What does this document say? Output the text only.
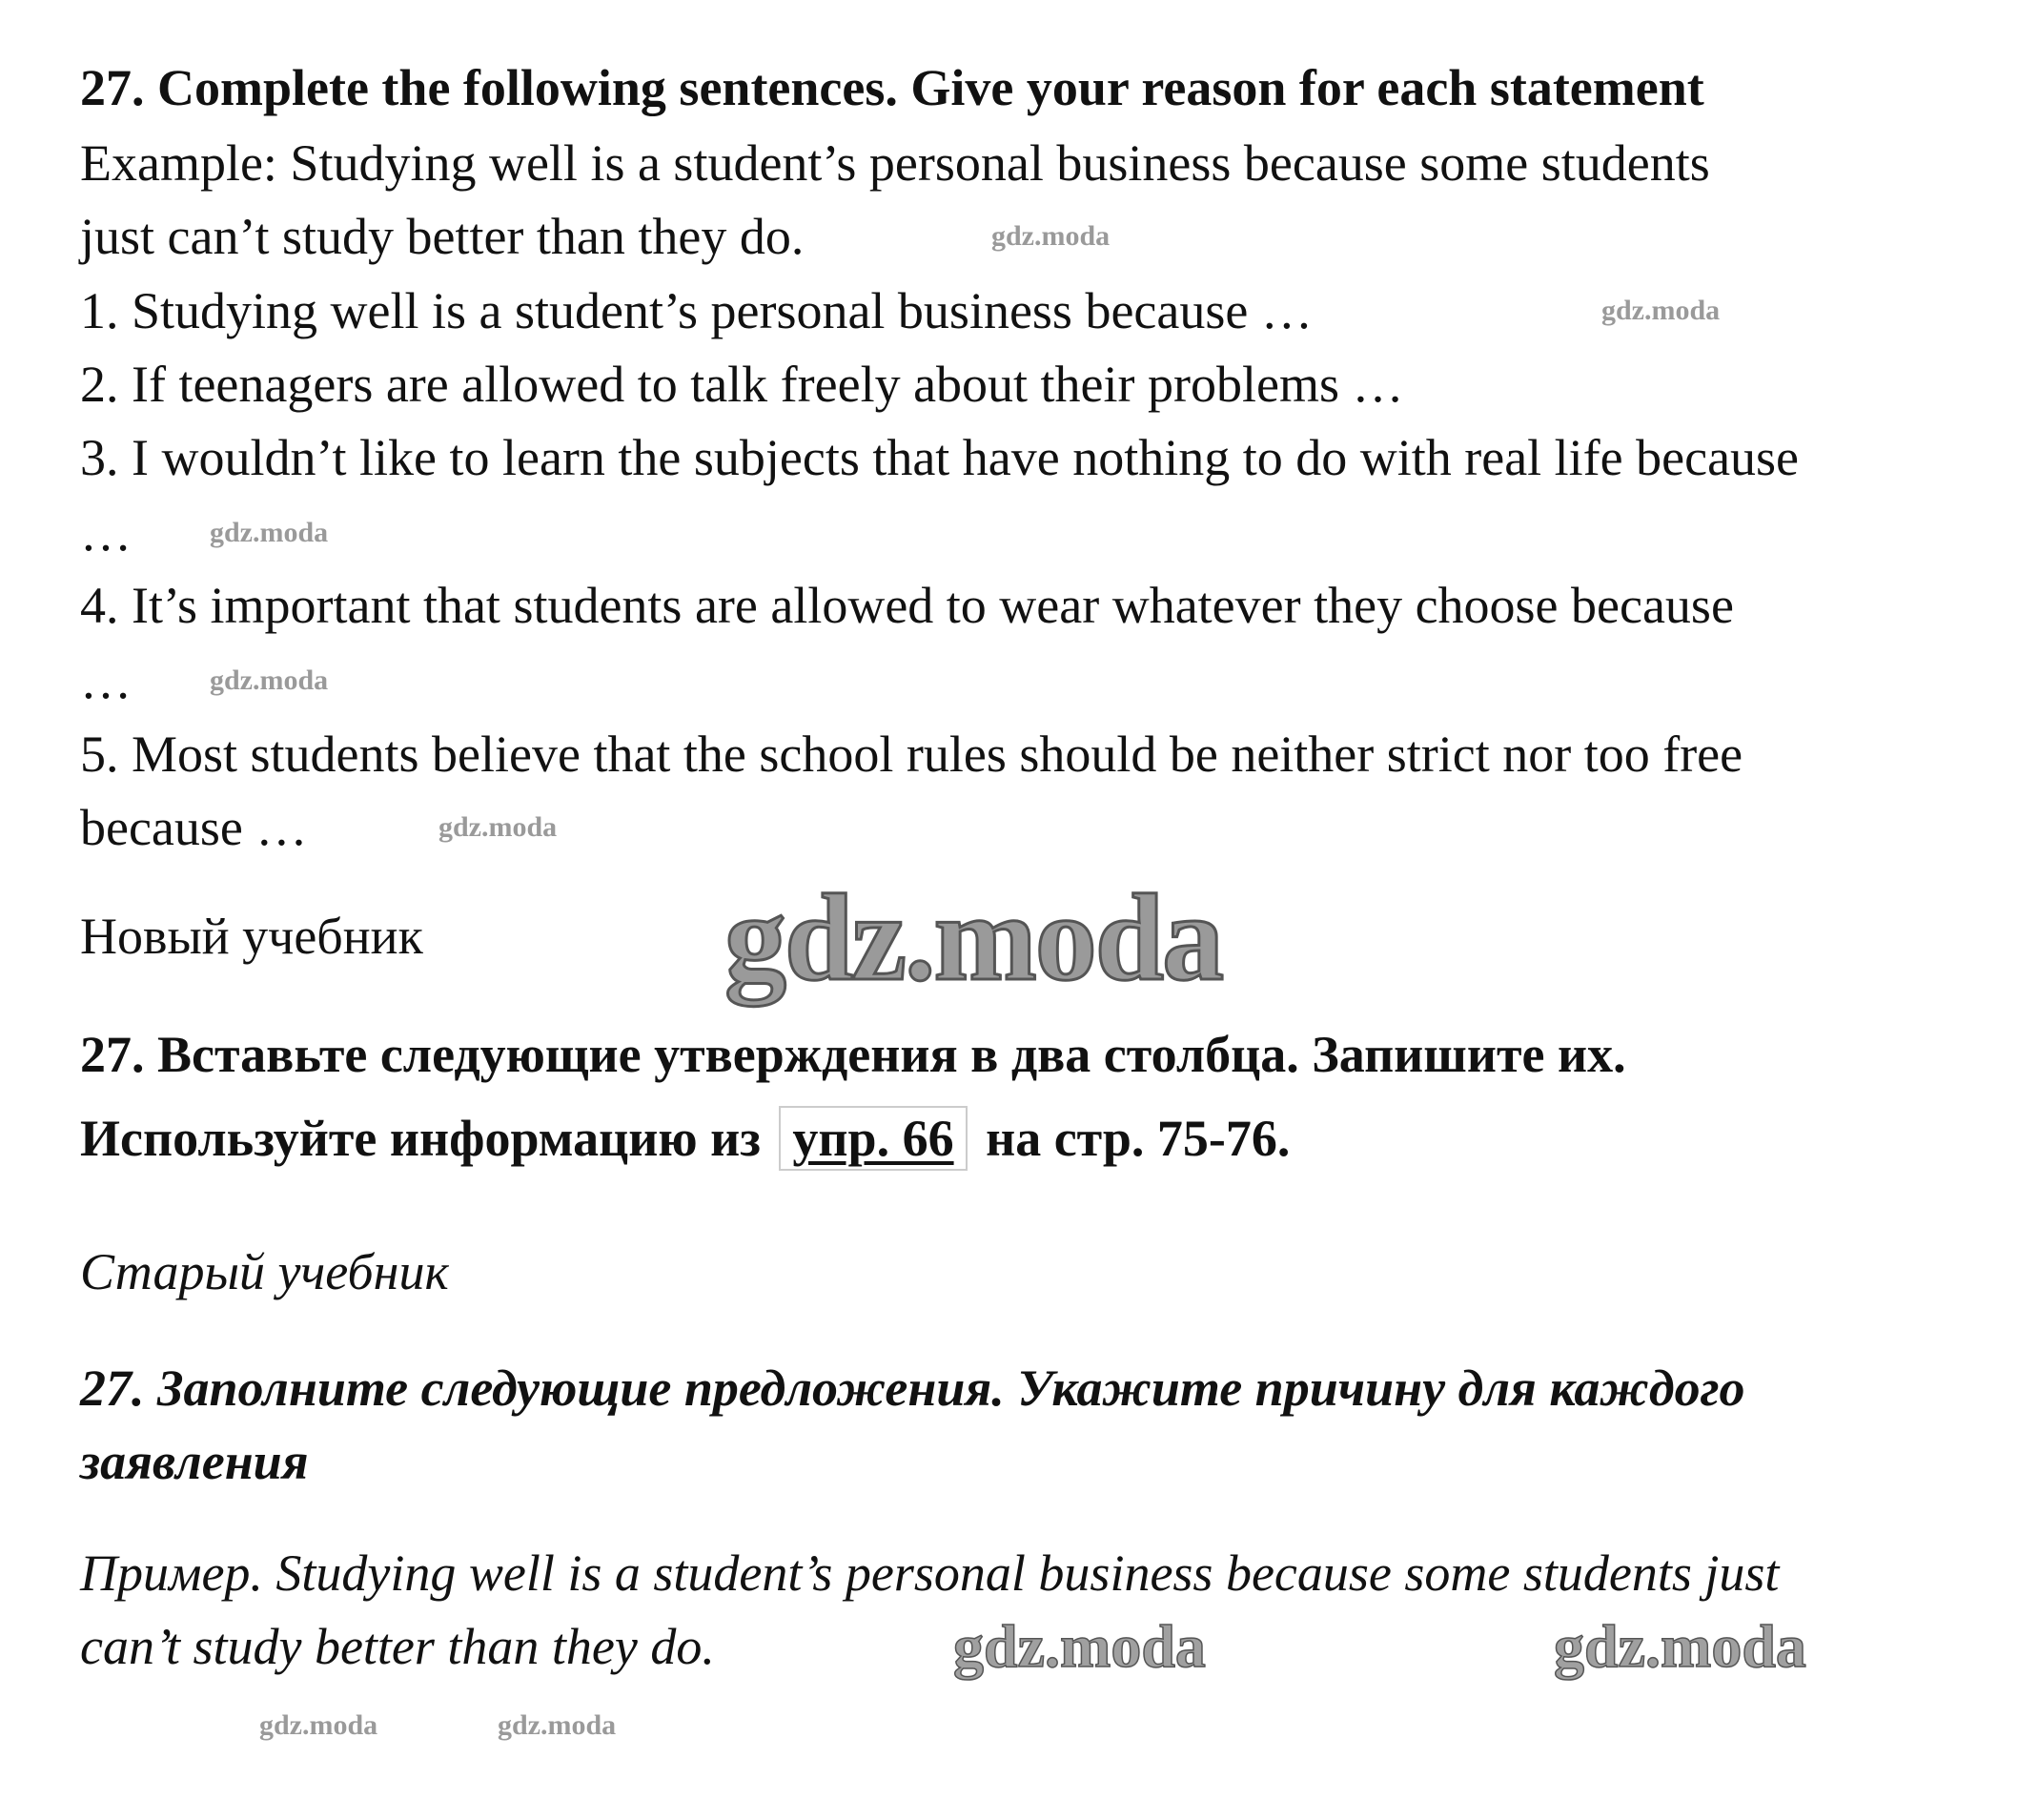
27. Complete the following sentences. Give your reason for each statement
Example: Studying well is a student’s personal business because some students
just can’t study better than they do.
1. Studying well is a student’s personal business because …
2. If teenagers are allowed to talk freely about their problems …
3. I wouldn’t like to learn the subjects that have nothing to do with real life because
…
4. It’s important that students are allowed to wear whatever they choose because
…
5. Most students believe that the school rules should be neither strict nor too free
because …
Новый учебник
27. Вставьте следующие утверждения в два столбца. Запишите их.
Используйте информацию из упр. 66 на стр. 75-76.
Старый учебник
27. Заполните следующие предложения. Укажите причину для каждого
заявления
Пример. Studying well is a student’s personal business because some students just
can’t study better than they do.
gdz.moda
gdz.moda
gdz.moda
gdz.moda
gdz.moda
gdz.moda
gdz.moda	gdz.moda
gdz.moda	gdz.moda
